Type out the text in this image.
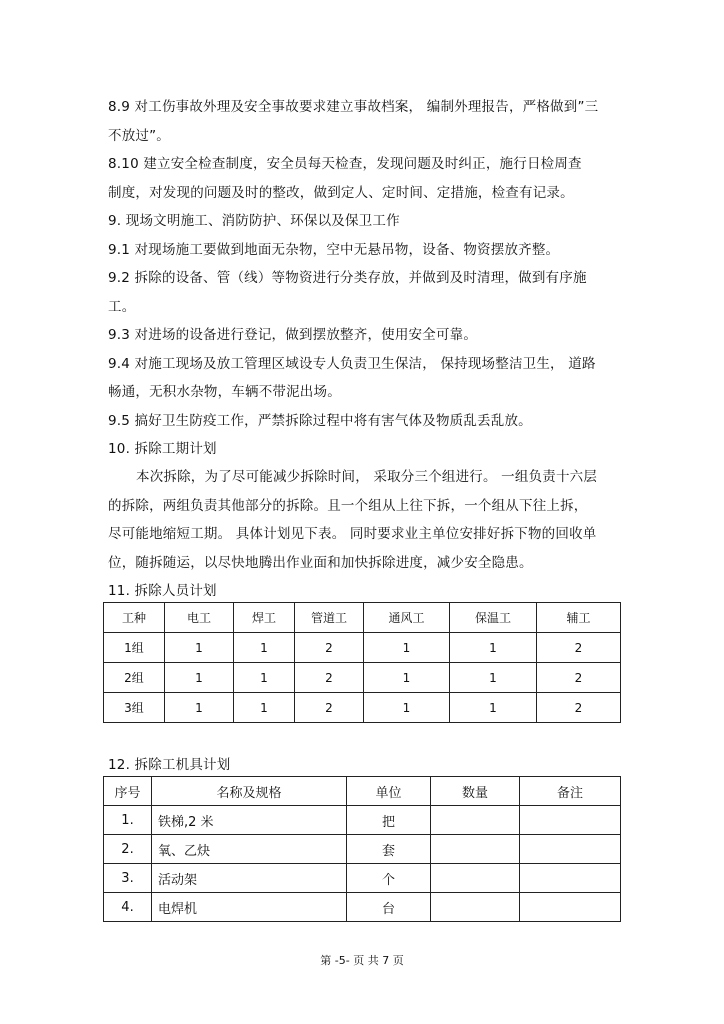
8.9 对工伤事故外理及安全事故要求建立事故档案， 编制外理报告，严格做到”三
不放过”。
8.10 建立安全检查制度，安全员每天检查，发现问题及时纠正，施行日检周查
制度，对发现的问题及时的整改，做到定人、定时间、定措施，检查有记录。
9. 现场文明施工、消防防护、环保以及保卫工作
9.1 对现场施工要做到地面无杂物，空中无悬吊物，设备、物资摆放齐整。
9.2 拆除的设备、管（线）等物资进行分类存放，并做到及时清理，做到有序施
工。
9.3 对进场的设备进行登记，做到摆放整齐，使用安全可靠。
9.4 对施工现场及放工管理区域设专人负责卫生保洁， 保持现场整洁卫生， 道路
畅通，无积水杂物，车辆不带泥出场。
9.5 搞好卫生防疫工作，严禁拆除过程中将有害气体及物质乱丢乱放。
10. 拆除工期计划
本次拆除，为了尽可能减少拆除时间， 采取分三个组进行。 一组负责十六层
的拆除，两组负责其他部分的拆除。且一个组从上往下拆，一个组从下往上拆，
尽可能地缩短工期。 具体计划见下表。 同时要求业主单位安排好拆下物的回收单
位，随拆随运，以尽快地腾出作业面和加快拆除进度，减少安全隐患。
11. 拆除人员计划
工种	电工	焊工	管道工	通风工	保温工	辅工
1组	1	1	2	1	1	2
2组	1	1	2	1	1	2
3组	1	1	2	1	1	2
12. 拆除工机具计划
序号	名称及规格	单位	数量	备注
1.	铁梯,2 米	把		
2.	氧、乙炔	套		
3.	活动架	个		
4.	电焊机	台		
第 -5- 页 共 7 页
